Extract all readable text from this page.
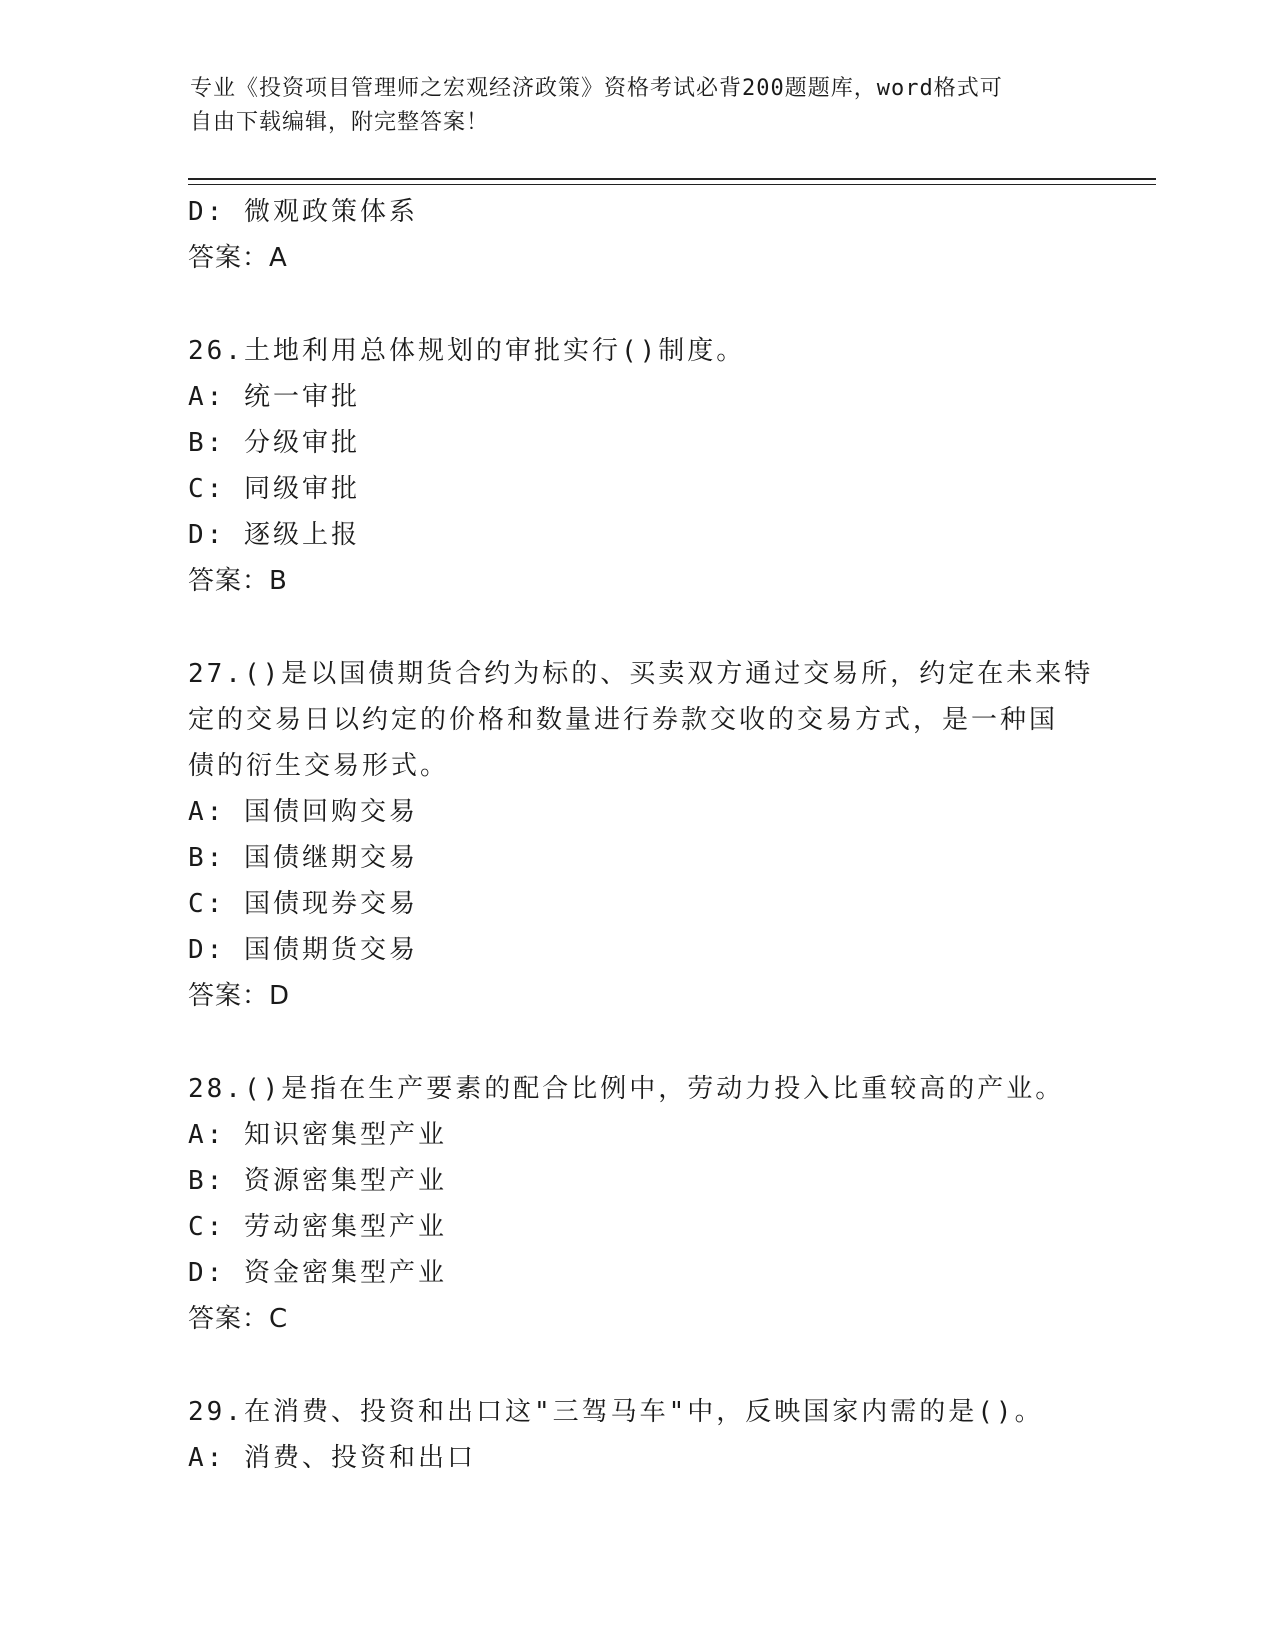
专业《投资项目管理师之宏观经济政策》资格考试必背200题题库，word格式可
自由下载编辑，附完整答案！
D: 微观政策体系
答案：A
26.土地利用总体规划的审批实行()制度。
A: 统一审批
B: 分级审批
C: 同级审批
D: 逐级上报
答案：B
27.()是以国债期货合约为标的、买卖双方通过交易所，约定在未来特
定的交易日以约定的价格和数量进行券款交收的交易方式，是一种国
债的衍生交易形式。
A: 国债回购交易
B: 国债继期交易
C: 国债现券交易
D: 国债期货交易
答案：D
28.()是指在生产要素的配合比例中，劳动力投入比重较高的产业。
A: 知识密集型产业
B: 资源密集型产业
C: 劳动密集型产业
D: 资金密集型产业
答案：C
29.在消费、投资和出口这"三驾马车"中，反映国家内需的是()。
A: 消费、投资和出口
